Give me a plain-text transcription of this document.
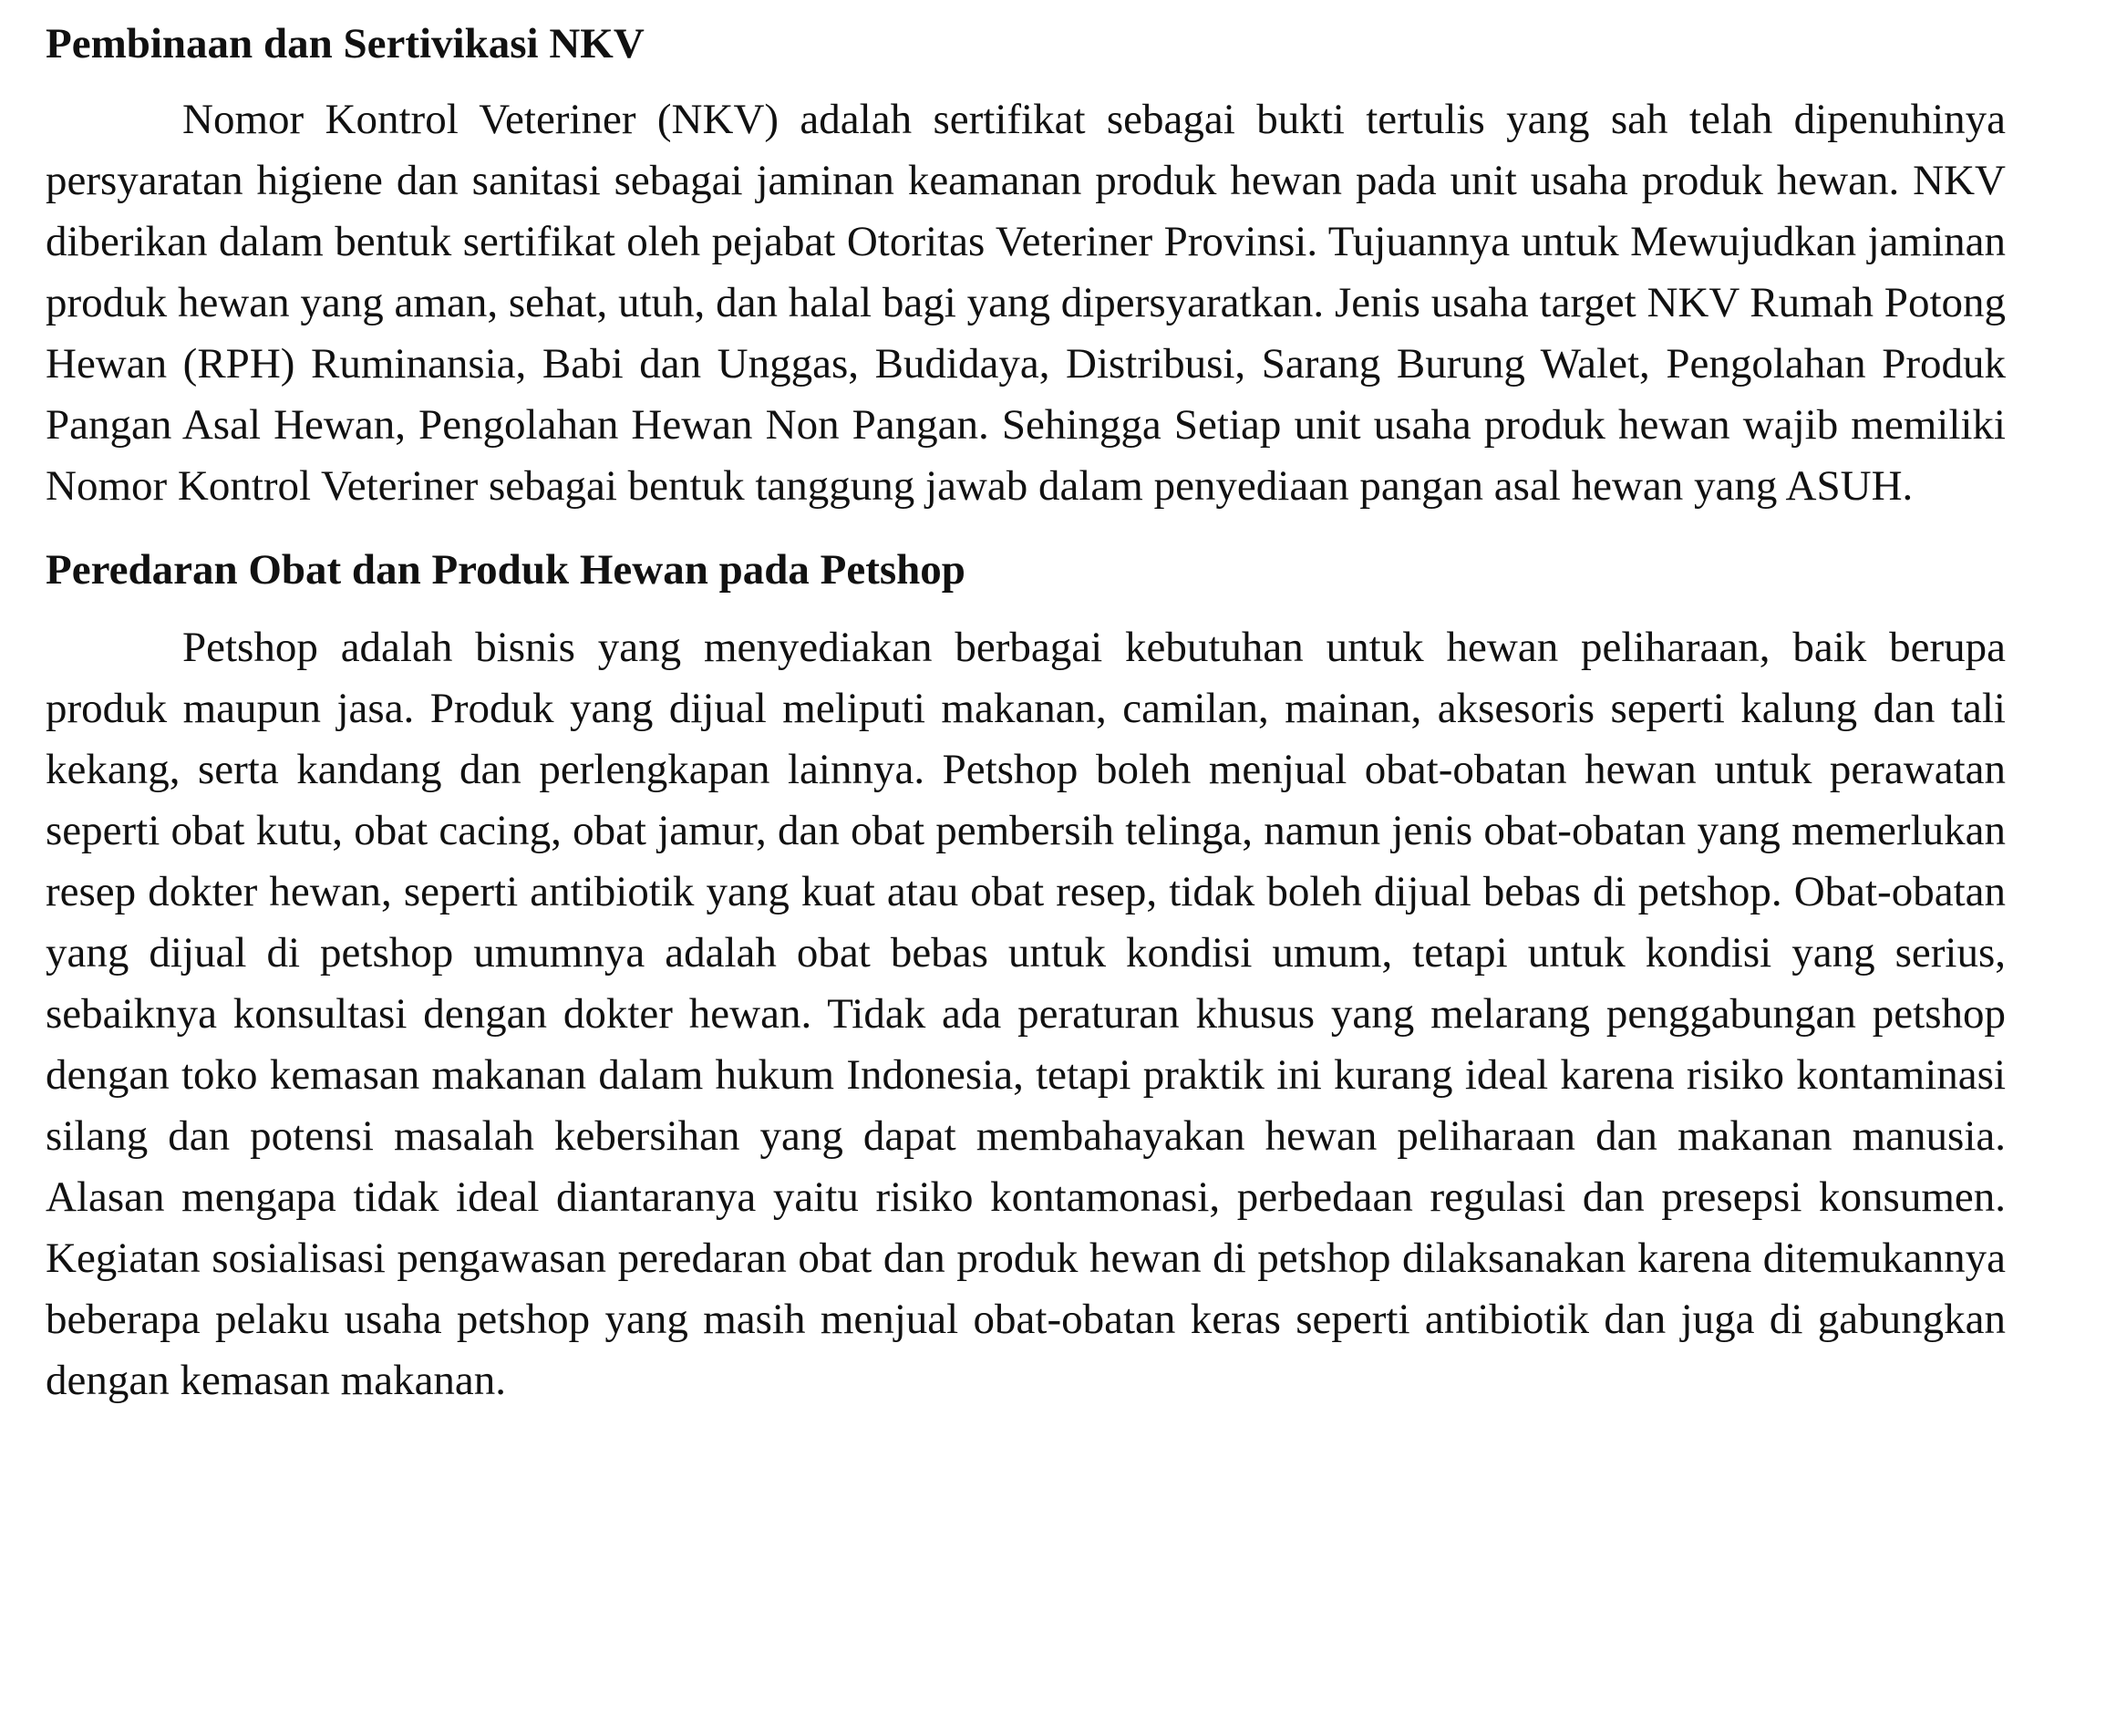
Pembinaan dan Sertivikasi NKV

Nomor Kontrol Veteriner (NKV) adalah sertifikat sebagai bukti tertulis yang sah telah dipenuhinya persyaratan higiene dan sanitasi sebagai jaminan keamanan produk hewan pada unit usaha produk hewan. NKV diberikan dalam bentuk sertifikat oleh pejabat Otoritas Veteriner Provinsi. Tujuannya untuk Mewujudkan jaminan produk hewan yang aman, sehat, utuh, dan halal bagi yang dipersyaratkan. Jenis usaha target NKV Rumah Potong Hewan (RPH) Ruminansia, Babi dan Unggas, Budidaya, Distribusi, Sarang Burung Walet, Pengolahan Produk Pangan Asal Hewan, Pengolahan Hewan Non Pangan. Sehingga Setiap unit usaha produk hewan wajib memiliki Nomor Kontrol Veteriner sebagai bentuk tanggung jawab dalam penyediaan pangan asal hewan yang ASUH.

Peredaran Obat dan Produk Hewan pada Petshop

Petshop adalah bisnis yang menyediakan berbagai kebutuhan untuk hewan peliharaan, baik berupa produk maupun jasa. Produk yang dijual meliputi makanan, camilan, mainan, aksesoris seperti kalung dan tali kekang, serta kandang dan perlengkapan lainnya. Petshop boleh menjual obat-obatan hewan untuk perawatan seperti obat kutu, obat cacing, obat jamur, dan obat pembersih telinga, namun jenis obat-obatan yang memerlukan resep dokter hewan, seperti antibiotik yang kuat atau obat resep, tidak boleh dijual bebas di petshop. Obat-obatan yang dijual di petshop umumnya adalah obat bebas untuk kondisi umum, tetapi untuk kondisi yang serius, sebaiknya konsultasi dengan dokter hewan. Tidak ada peraturan khusus yang melarang penggabungan petshop dengan toko kemasan makanan dalam hukum Indonesia, tetapi praktik ini kurang ideal karena risiko kontaminasi silang dan potensi masalah kebersihan yang dapat membahayakan hewan peliharaan dan makanan manusia. Alasan mengapa tidak ideal diantaranya yaitu risiko kontamonasi, perbedaan regulasi dan presepsi konsumen. Kegiatan sosialisasi pengawasan peredaran obat dan produk hewan di petshop dilaksanakan karena ditemukannya beberapa pelaku usaha petshop yang masih menjual obat-obatan keras seperti antibiotik dan juga di gabungkan dengan kemasan makanan.
